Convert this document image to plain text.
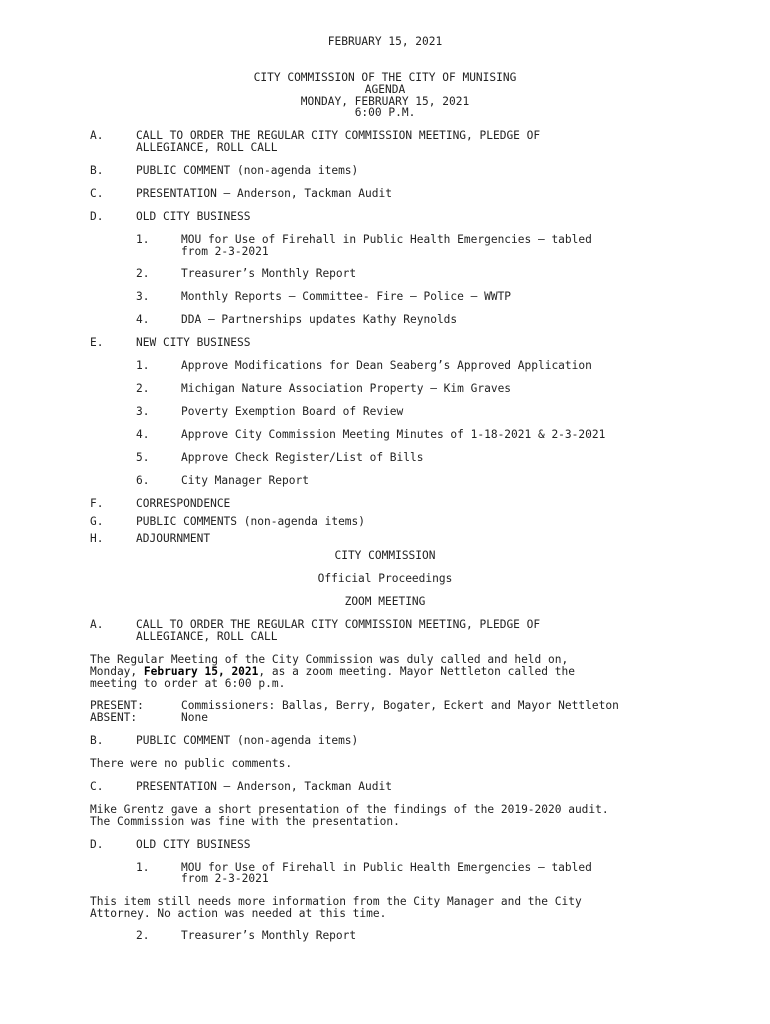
FEBRUARY 15, 2021
CITY COMMISSION OF THE CITY OF MUNISING
AGENDA
MONDAY, FEBRUARY 15, 2021
6:00 P.M.
A.	CALL TO ORDER THE REGULAR CITY COMMISSION MEETING, PLEDGE OF
ALLEGIANCE, ROLL CALL
B.	PUBLIC COMMENT (non-agenda items)
C.	PRESENTATION – Anderson, Tackman Audit
D.	OLD CITY BUSINESS
1.	MOU for Use of Firehall in Public Health Emergencies – tabled
from 2-3-2021
2.	Treasurer’s Monthly Report
3.	Monthly Reports – Committee- Fire – Police – WWTP
4.	DDA – Partnerships updates Kathy Reynolds
E.	NEW CITY BUSINESS
1.	Approve Modifications for Dean Seaberg’s Approved Application
2.	Michigan Nature Association Property – Kim Graves
3.	Poverty Exemption Board of Review
4.	Approve City Commission Meeting Minutes of 1-18-2021 & 2-3-2021
5.	Approve Check Register/List of Bills
6.	City Manager Report
F.	CORRESPONDENCE
G.	PUBLIC COMMENTS (non-agenda items)
H.	ADJOURNMENT
CITY COMMISSION
Official Proceedings
ZOOM MEETING
A.	CALL TO ORDER THE REGULAR CITY COMMISSION MEETING, PLEDGE OF
ALLEGIANCE, ROLL CALL
The Regular Meeting of the City Commission was duly called and held on,
Monday, February 15, 2021, as a zoom meeting. Mayor Nettleton called the
meeting to order at 6:00 p.m.
PRESENT:	Commissioners: Ballas, Berry, Bogater, Eckert and Mayor Nettleton
ABSENT:	None
B.	PUBLIC COMMENT (non-agenda items)
There were no public comments.
C.	PRESENTATION – Anderson, Tackman Audit
Mike Grentz gave a short presentation of the findings of the 2019-2020 audit.
The Commission was fine with the presentation.
D.	OLD CITY BUSINESS
1.	MOU for Use of Firehall in Public Health Emergencies – tabled
from 2-3-2021
This item still needs more information from the City Manager and the City
Attorney. No action was needed at this time.
2.	Treasurer’s Monthly Report
